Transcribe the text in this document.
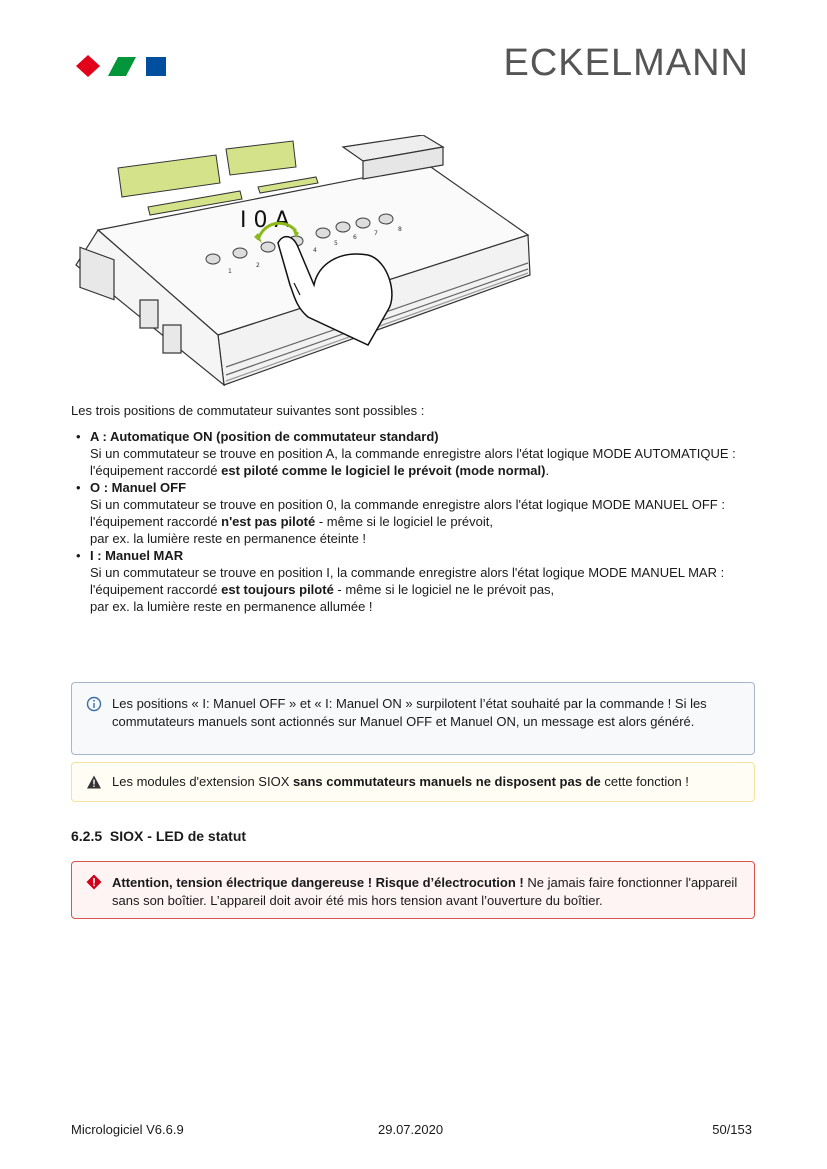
ECKELMANN
1
2
4
5
6
7
8
I 0 A
Les trois positions de commutateur suivantes sont possibles :
• A : Automatique ON (position de commutateur standard)
Si un commutateur se trouve en position A, la commande enregistre alors l'état logique MODE AUTOMATIQUE :
l'équipement raccordé est piloté comme le logiciel le prévoit (mode normal).
• O : Manuel OFF
Si un commutateur se trouve en position 0, la commande enregistre alors l'état logique MODE MANUEL OFF :
l'équipement raccordé n'est pas piloté - même si le logiciel le prévoit,
par ex. la lumière reste en permanence éteinte !
• I : Manuel MAR
Si un commutateur se trouve en position I, la commande enregistre alors l'état logique MODE MANUEL MAR :
l'équipement raccordé est toujours piloté - même si le logiciel ne le prévoit pas,
par ex. la lumière reste en permanence allumée !
Les positions « I: Manuel OFF » et « I: Manuel ON » surpilotent l’état souhaité par la commande ! Si les commutateurs manuels sont actionnés sur Manuel OFF et Manuel ON, un message est alors généré.
Les modules d'extension SIOX sans commutateurs manuels ne disposent pas de cette fonction !
6.2.5 SIOX - LED de statut
Attention, tension électrique dangereuse ! Risque d’électrocution ! Ne jamais faire fonctionner l'appareil sans son boîtier. L’appareil doit avoir été mis hors tension avant l’ouverture du boîtier.
Micrologiciel V6.6.9	29.07.2020	50/153
